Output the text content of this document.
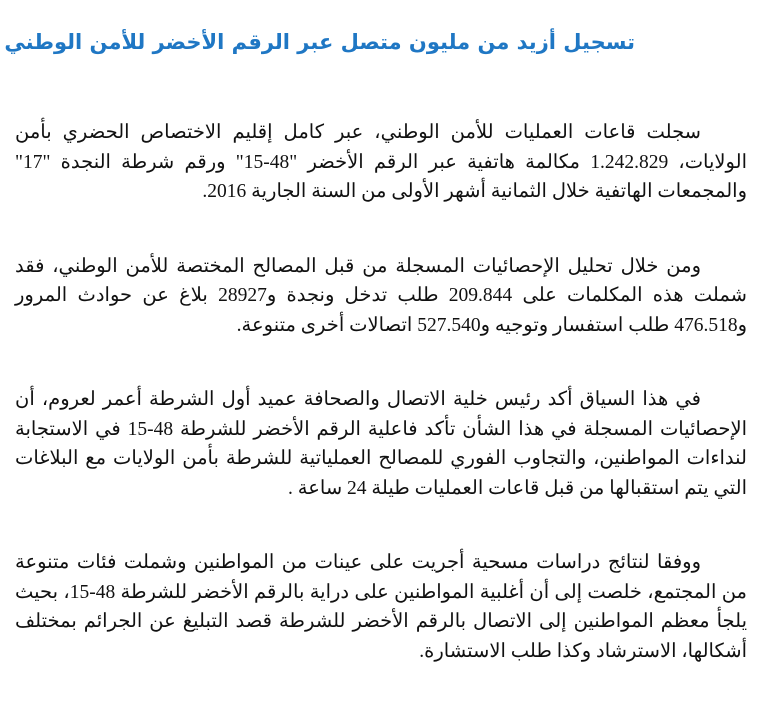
تسجيل أزيد من مليون متصل عبر الرقم الأخضر للأمن الوطني

سجلت قاعات العمليات للأمن الوطني، عبر كامل إقليم الاختصاص الحضري بأمن الولايات، 1.242.829 مكالمة هاتفية عبر الرقم الأخضر "48-15" ورقم شرطة النجدة "17" والمجمعات الهاتفية خلال الثمانية أشهر الأولى من السنة الجارية 2016.

ومن خلال تحليل الإحصائيات المسجلة من قبل المصالح المختصة للأمن الوطني، فقد شملت هذه المكلمات على 209.844 طلب تدخل ونجدة و28927 بلاغ عن حوادث المرور و476.518 طلب استفسار وتوجيه و527.540 اتصالات أخرى متنوعة.

في هذا السياق أكد رئيس خلية الاتصال والصحافة عميد أول الشرطة أعمر لعروم، أن الإحصائيات المسجلة في هذا الشأن تأكد فاعلية الرقم الأخضر للشرطة 48-15 في الاستجابة لنداءات المواطنين، والتجاوب الفوري للمصالح العملياتية للشرطة بأمن الولايات مع البلاغات التي يتم استقبالها من قبل قاعات العمليات طيلة 24 ساعة .

ووفقا لنتائج دراسات مسحية أجريت على عينات من المواطنين وشملت فئات متنوعة من المجتمع، خلصت إلى أن أغلبية المواطنين على دراية بالرقم الأخضر للشرطة 48-15، بحيث يلجأ معظم المواطنين إلى الاتصال بالرقم الأخضر للشرطة قصد التبليغ عن الجرائم بمختلف أشكالها، الاسترشاد وكذا طلب الاستشارة.
